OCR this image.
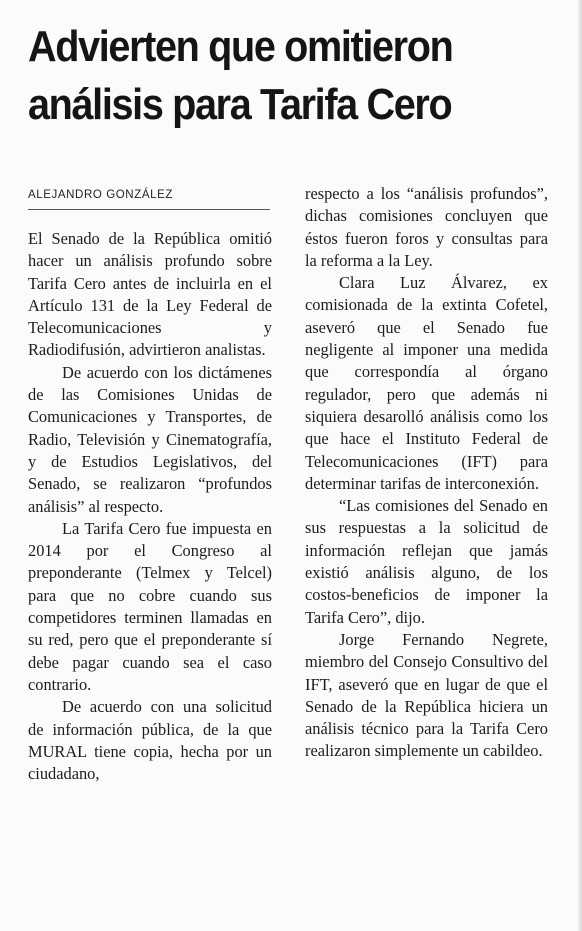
Advierten que omitieron
análisis para Tarifa Cero
ALEJANDRO GONZÁLEZ

El Senado de la República omitió hacer un análisis profundo sobre Tarifa Cero antes de incluirla en el Artículo 131 de la Ley Federal de Telecomunicaciones y Radiodifusión, advirtieron analistas.

De acuerdo con los dictámenes de las Comisiones Unidas de Comunicaciones y Transportes, de Radio, Televisión y Cinematografía, y de Estudios Legislativos, del Senado, se realizaron “profundos análisis” al respecto.

La Tarifa Cero fue impuesta en 2014 por el Congreso al preponderante (Telmex y Telcel) para que no cobre cuando sus competidores terminen llamadas en su red, pero que el preponderante sí debe pagar cuando sea el caso contrario.

De acuerdo con una solicitud de información pública, de la que MURAL tiene copia, hecha por un ciudadano,

respecto a los “análisis profundos”, dichas comisiones concluyen que éstos fueron foros y consultas para la reforma a la Ley.

Clara Luz Álvarez, ex comisionada de la extinta Cofetel, aseveró que el Senado fue negligente al imponer una medida que correspondía al órgano regulador, pero que además ni siquiera desarolló análisis como los que hace el Instituto Federal de Telecomunicaciones (IFT) para determinar tarifas de interconexión.

“Las comisiones del Senado en sus respuestas a la solicitud de información reflejan que jamás existió análisis alguno, de los costos-beneficios de imponer la Tarifa Cero”, dijo.

Jorge Fernando Negrete, miembro del Consejo Consultivo del IFT, aseveró que en lugar de que el Senado de la República hiciera un análisis técnico para la Tarifa Cero realizaron simplemente un cabildeo.
